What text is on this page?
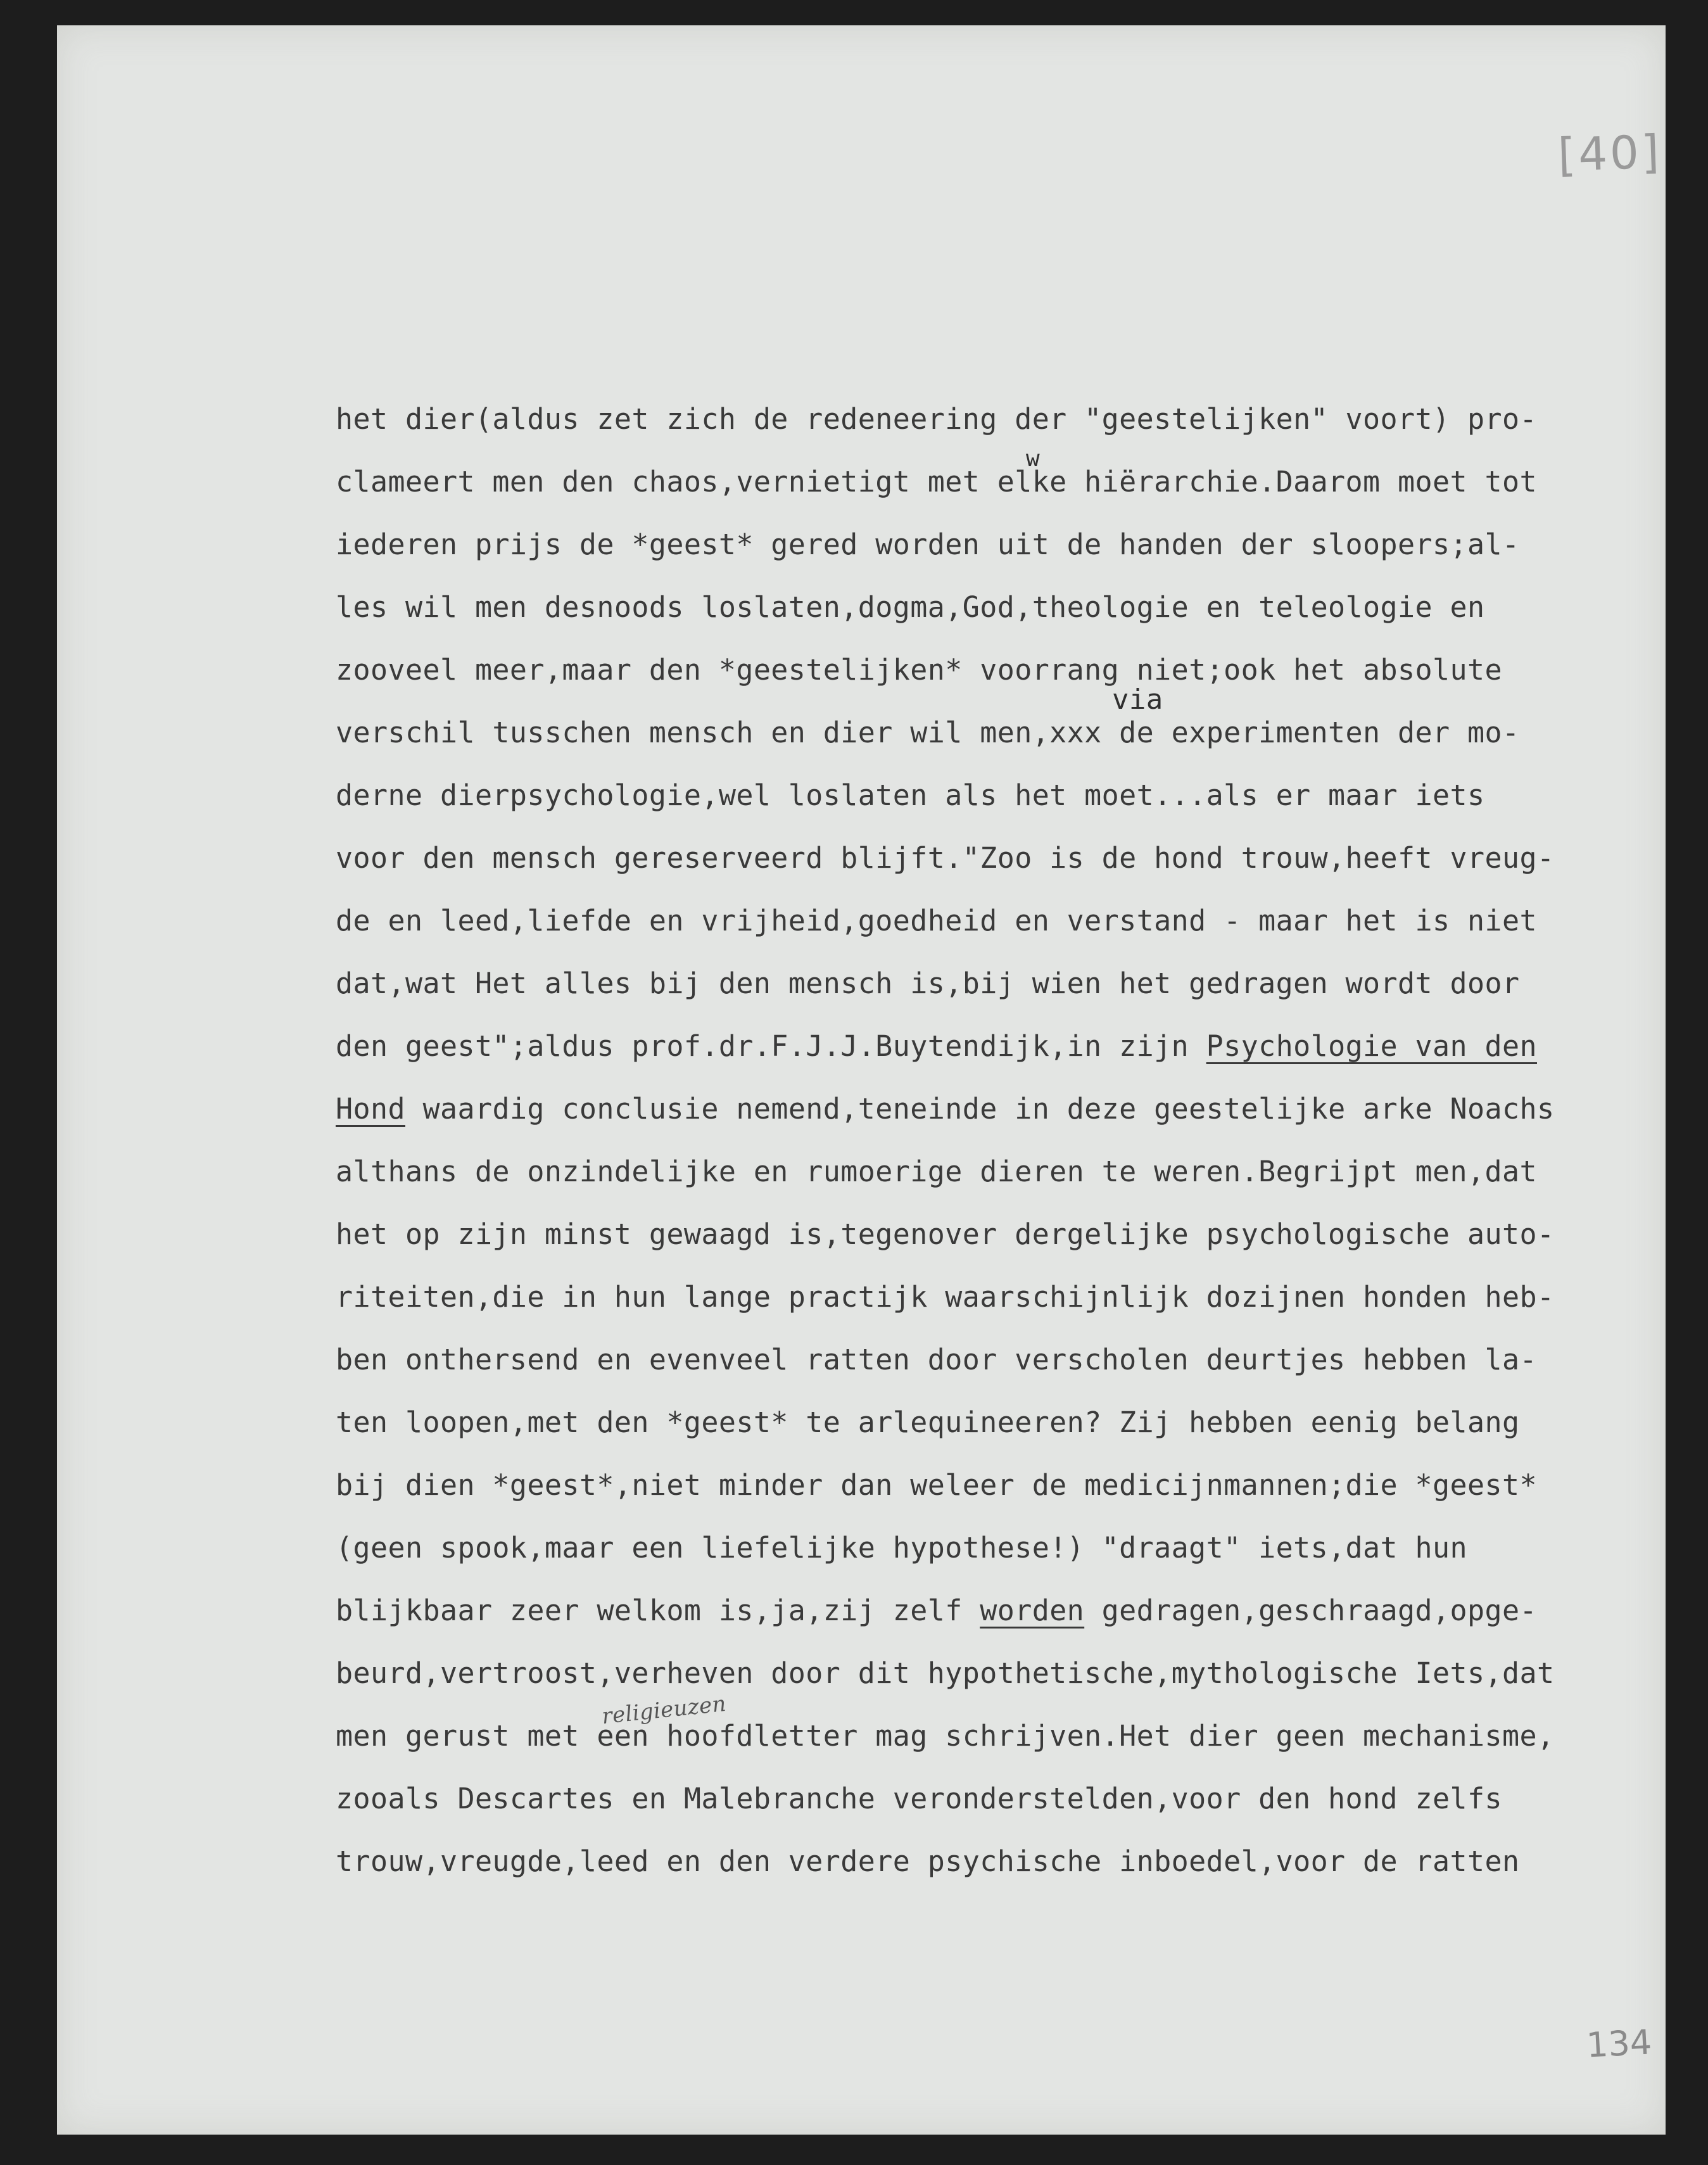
[40]
134
het dier(aldus zet zich de redeneering der "geestelijken" voort) pro-
clameert men den chaos,vernietigt met elke hiërarchie.Daarom moet tot
w
iederen prijs de *geest* gered worden uit de handen der sloopers;al-
les wil men desnoods loslaten,dogma,God,theologie en teleologie en
zooveel meer,maar den *geestelijken* voorrang niet;ook het absolute
verschil tusschen mensch en dier wil men,xxx de experimenten der mo-
via
derne dierpsychologie,wel loslaten als het moet...als er maar iets
voor den mensch gereserveerd blijft."Zoo is de hond trouw,heeft vreug-
de en leed,liefde en vrijheid,goedheid en verstand - maar het is niet
dat,wat Het alles bij den mensch is,bij wien het gedragen wordt door
den geest";aldus prof.dr.F.J.J.Buytendijk,in zijn Psychologie van den
Hond waardig conclusie nemend,teneinde in deze geestelijke arke Noachs
althans de onzindelijke en rumoerige dieren te weren.Begrijpt men,dat
het op zijn minst gewaagd is,tegenover dergelijke psychologische auto-
riteiten,die in hun lange practijk waarschijnlijk dozijnen honden heb-
ben onthersend en evenveel ratten door verscholen deurtjes hebben la-
ten loopen,met den *geest* te arlequineeren? Zij hebben eenig belang
bij dien *geest*,niet minder dan weleer de medicijnmannen;die *geest*
(geen spook,maar een liefelijke hypothese!) "draagt" iets,dat hun
blijkbaar zeer welkom is,ja,zij zelf worden gedragen,geschraagd,opge-
beurd,vertroost,verheven door dit hypothetische,mythologische Iets,dat
men gerust met een hoofdletter mag schrijven.Het dier geen mechanisme,
religieuzen
zooals Descartes en Malebranche veronderstelden,voor den hond zelfs
trouw,vreugde,leed en den verdere psychische inboedel,voor de ratten
